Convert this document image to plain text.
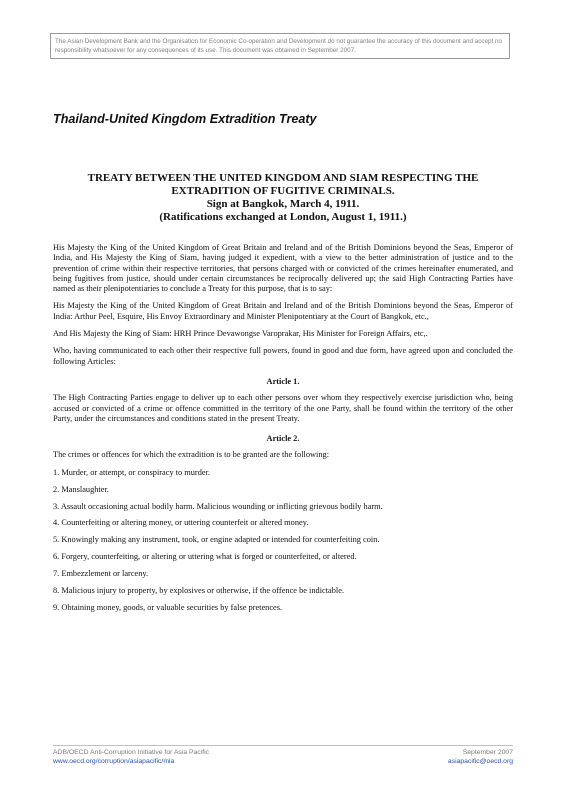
The Asian Development Bank and the Organisation for Economic Co-operation and Development do not guarantee the accuracy of this document and accept no responsibility whatsoever for any consequences of its use. This document was obtained in September 2007.
Thailand-United Kingdom Extradition Treaty
TREATY BETWEEN THE UNITED KINGDOM AND SIAM RESPECTING THE
EXTRADITION OF FUGITIVE CRIMINALS.
Sign at Bangkok, March 4, 1911.
(Ratifications exchanged at London, August 1, 1911.)

His Majesty the King of the United Kingdom of Great Britain and Ireland and of the British Dominions beyond the Seas, Emperor of India, and His Majesty the King of Siam, having judged it expedient, with a view to the better administration of justice and to the prevention of crime within their respective territories, that persons charged with or convicted of the crimes hereinafter enumerated, and being fugitives from justice, should under certain circumstances be reciprocally delivered up; the said High Contracting Parties have named as their plenipotentiaries to conclude a Treaty for this purpose, that is to say:

His Majesty the King of the United Kingdom of Great Britain and Ireland and of the British Dominions beyond the Seas, Emperor of India: Arthur Peel, Esquire, His Envoy Extraordinary and Minister Plenipotentiary at the Court of Bangkok, etc.,

And His Majesty the King of Siam: HRH Prince Devawongse Varoprakar, His Minister for Foreign Affairs, etc,.

Who, having communicated to each other their respective full powers, found in good and due form, have agreed upon and concluded the following Articles:

Article 1.

The High Contracting Parties engage to deliver up to each other persons over whom they respectively exercise jurisdiction who, being accused or convicted of a crime or offence committed in the territory of the one Party, shall be found within the territory of the other Party, under the circumstances and conditions stated in the present Treaty.

Article 2.

The crimes or offences for which the extradition is to be granted are the following:

1. Murder, or attempt, or conspiracy to murder.
2. Manslaughter.
3. Assault occasioning actual bodily harm. Malicious wounding or inflicting grievous bodily harm.
4. Counterfeiting or altering money, or uttering counterfeit or altered money.
5. Knowingly making any instrument, took, or engine adapted or intended for counterfeiting coin.
6. Forgery, counterfeiting, or altering or uttering what is forged or counterfeited, or altered.
7. Embezzlement or larceny.
8. Malicious injury to property, by explosives or otherwise, if the offence be indictable.
9. Obtaining money, goods, or valuable securities by false pretences.
ADB/OECD Anti-Corruption Initiative for Asia Pacific	September 2007
www.oecd.org/corruption/asiapacific/mla	asiapacific@oecd.org
